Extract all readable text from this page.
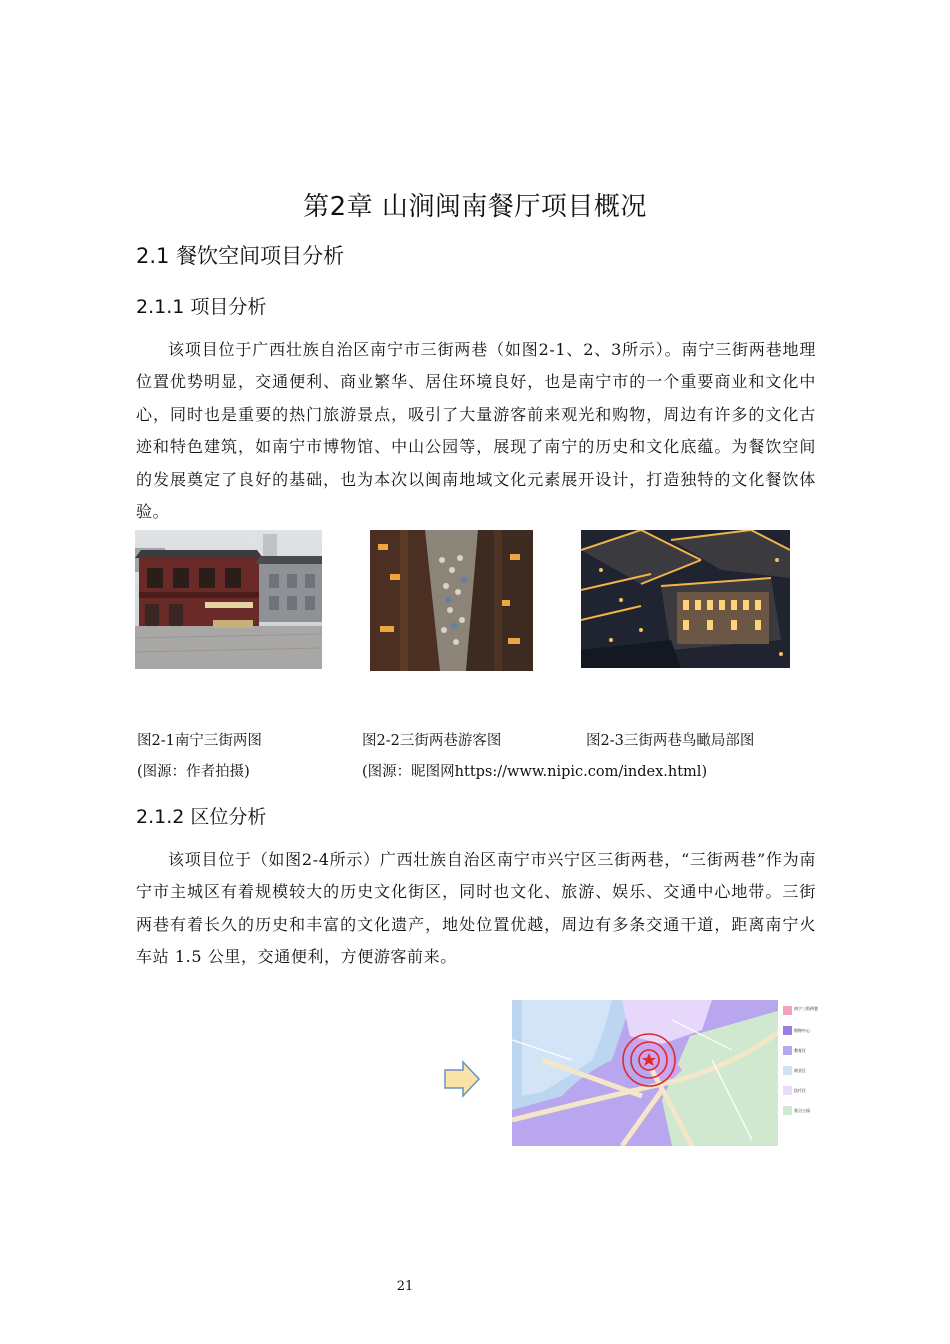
第2章 山涧闽南餐厅项目概况
2.1 餐饮空间项目分析
2.1.1 项目分析
该项目位于广西壮族自治区南宁市三街两巷（如图2-1、2、3所示）。南宁三街两巷地理位置优势明显，交通便利、商业繁华、居住环境良好，也是南宁市的一个重要商业和文化中心，同时也是重要的热门旅游景点，吸引了大量游客前来观光和购物，周边有许多的文化古迹和特色建筑，如南宁市博物馆、中山公园等，展现了南宁的历史和文化底蕴。为餐饮空间的发展奠定了良好的基础，也为本次以闽南地域文化元素展开设计，打造独特的文化餐饮体验。
图2-1南宁三街两图	图2-2三街两巷游客图	图2-3三街两巷鸟瞰局部图
(图源：作者拍摄)	(图源：昵图网https://www.nipic.com/index.html)
2.1.2 区位分析
该项目位于（如图2-4所示）广西壮族自治区南宁市兴宁区三街两巷，“三街两巷”作为南宁市主城区有着规模较大的历史文化街区，同时也文化、旅游、娱乐、交通中心地带。三街两巷有着长久的历史和丰富的文化遗产，地处位置优越，周边有多条交通干道，距离南宁火车站 1.5 公里，交通便利，方便游客前来。
南宁三街两巷
购物中心
教育区
商业区
医疗区
景点公园
21
